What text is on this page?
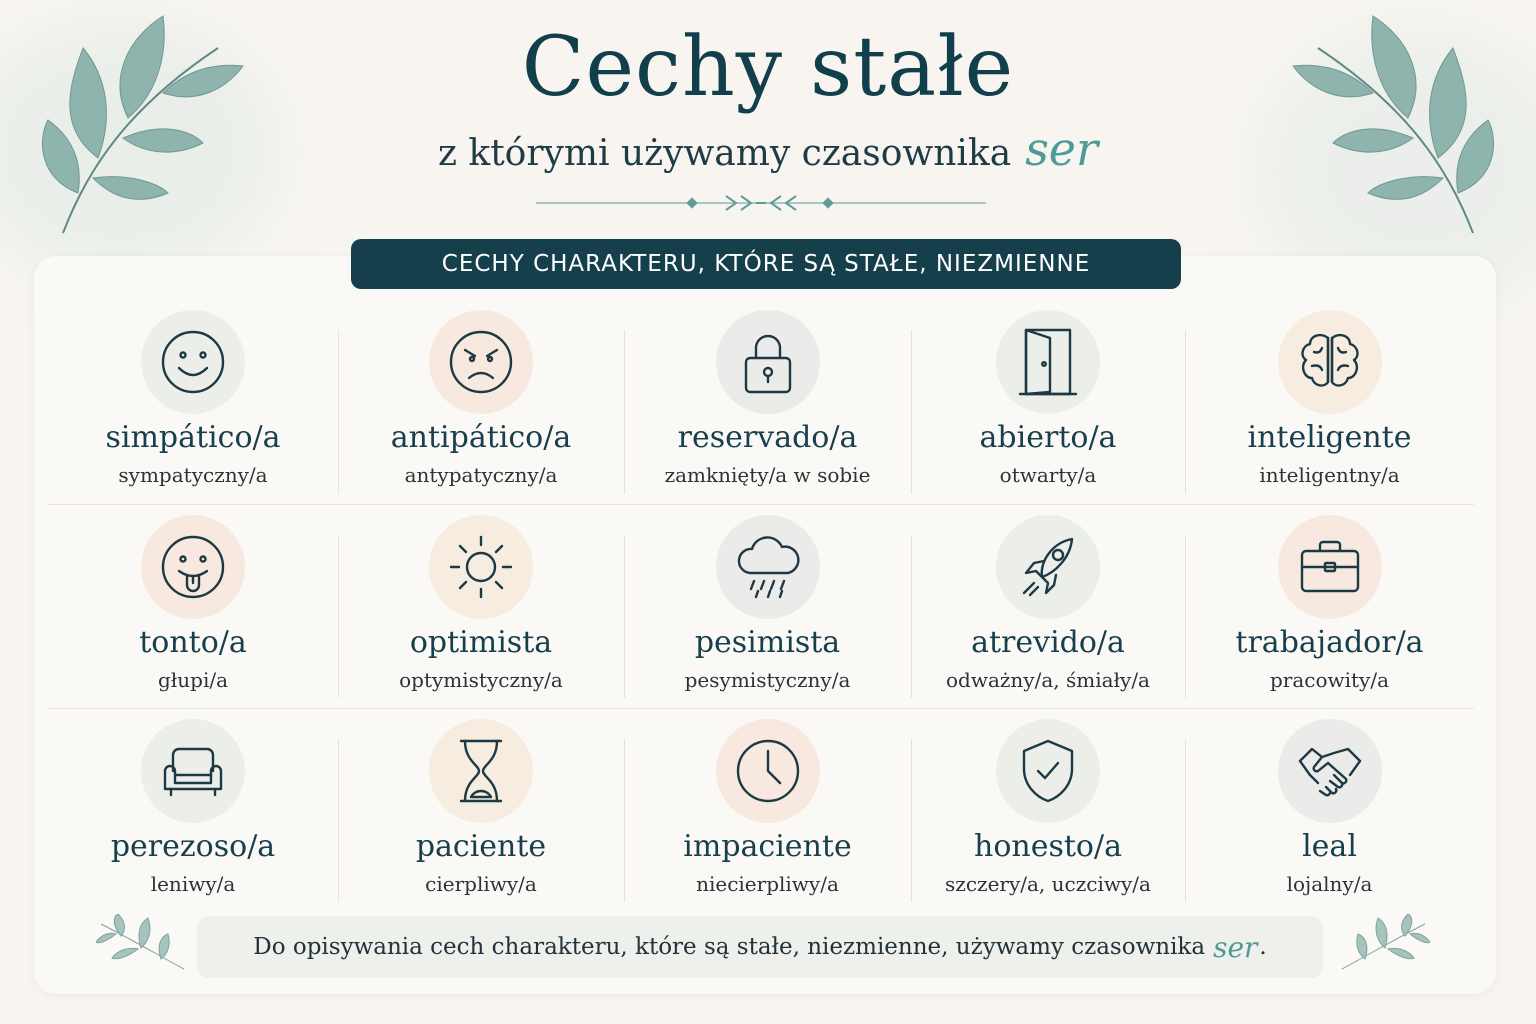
Cechy stałe
z którymi używamy czasownika ser
CECHY CHARAKTERU, KTÓRE SĄ STAŁE, NIEZMIENNE
simpático/a
sympatyczny/a
antipático/a
antypatyczny/a
reservado/a
zamknięty/a w sobie
abierto/a
otwarty/a
inteligente
inteligentny/a
tonto/a
głupi/a
optimista
optymistyczny/a
pesimista
pesymistyczny/a
atrevido/a
odważny/a, śmiały/a
trabajador/a
pracowity/a
perezoso/a
leniwy/a
paciente
cierpliwy/a
impaciente
niecierpliwy/a
honesto/a
szczery/a, uczciwy/a
leal
lojalny/a
Do opisywania cech charakteru, które są stałe, niezmienne, używamy czasownika ser .
